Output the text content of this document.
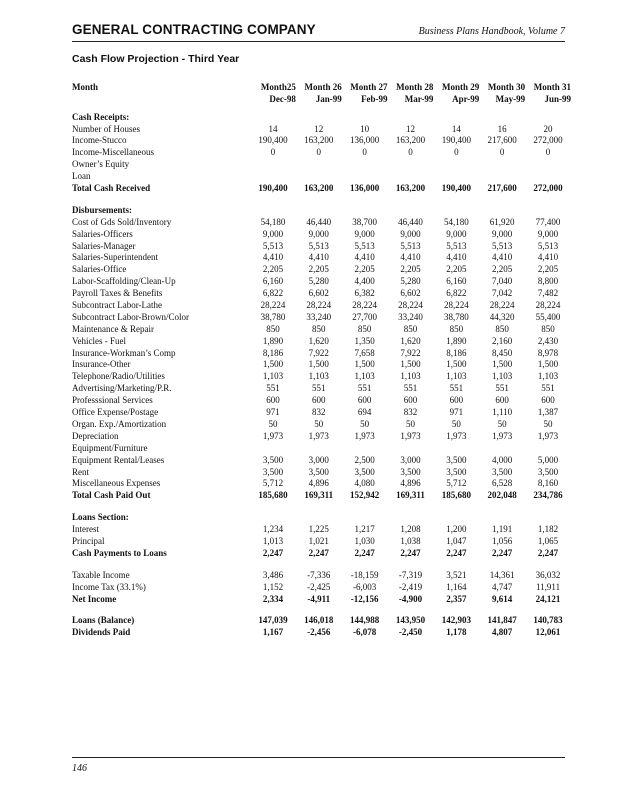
GENERAL CONTRACTING COMPANY	Business Plans Handbook, Volume 7
Cash Flow Projection - Third Year
Month	Month25	Month 26	Month 27	Month 28	Month 29	Month 30	Month 31
	Dec-98	Jan-99	Feb-99	Mar-99	Apr-99	May-99	Jun-99

Cash Receipts:							
Number of Houses	14	12	10	12	14	16	20
Income-Stucco	190,400	163,200	136,000	163,200	190,400	217,600	272,000
Income-Miscellaneous	0	0	0	0	0	0	0
Owner’s Equity							
Loan							
Total Cash Received	190,400	163,200	136,000	163,200	190,400	217,600	272,000

Disbursements:							
Cost of Gds Sold/Inventory	54,180	46,440	38,700	46,440	54,180	61,920	77,400
Salaries-Officers	9,000	9,000	9,000	9,000	9,000	9,000	9,000
Salaries-Manager	5,513	5,513	5,513	5,513	5,513	5,513	5,513
Salaries-Superintendent	4,410	4,410	4,410	4,410	4,410	4,410	4,410
Salaries-Office	2,205	2,205	2,205	2,205	2,205	2,205	2,205
Labor-Scaffolding/Clean-Up	6,160	5,280	4,400	5,280	6,160	7,040	8,800
Payroll Taxes & Benefits	6,822	6,602	6,382	6,602	6,822	7,042	7,482
Subcontract Labor-Lathe	28,224	28,224	28,224	28,224	28,224	28,224	28,224
Subcontract Labor-Brown/Color	38,780	33,240	27,700	33,240	38,780	44,320	55,400
Maintenance & Repair	850	850	850	850	850	850	850
Vehicles - Fuel	1,890	1,620	1,350	1,620	1,890	2,160	2,430
Insurance-Workman’s Comp	8,186	7,922	7,658	7,922	8,186	8,450	8,978
Insurance-Other	1,500	1,500	1,500	1,500	1,500	1,500	1,500
Telephone/Radio/Utilities	1,103	1,103	1,103	1,103	1,103	1,103	1,103
Advertising/Marketing/P.R.	551	551	551	551	551	551	551
Professsional Services	600	600	600	600	600	600	600
Office Expense/Postage	971	832	694	832	971	1,110	1,387
Organ. Exp./Amortization	50	50	50	50	50	50	50
Depreciation	1,973	1,973	1,973	1,973	1,973	1,973	1,973
Equipment/Furniture							
Equipment Rental/Leases	3,500	3,000	2,500	3,000	3,500	4,000	5,000
Rent	3,500	3,500	3,500	3,500	3,500	3,500	3,500
Miscellaneous Expenses	5,712	4,896	4,080	4,896	5,712	6,528	8,160
Total Cash Paid Out	185,680	169,311	152,942	169,311	185,680	202,048	234,786

Loans Section:							
Interest	1,234	1,225	1,217	1,208	1,200	1,191	1,182
Principal	1,013	1,021	1,030	1,038	1,047	1,056	1,065
Cash Payments to Loans	2,247	2,247	2,247	2,247	2,247	2,247	2,247

Taxable Income	3,486	-7,336	-18,159	-7,319	3,521	14,361	36,032
Income Tax (33.1%)	1,152	-2,425	-6,003	-2,419	1,164	4,747	11,911
Net Income	2,334	-4,911	-12,156	-4,900	2,357	9,614	24,121

Loans (Balance)	147,039	146,018	144,988	143,950	142,903	141,847	140,783
Dividends Paid	1,167	-2,456	-6,078	-2,450	1,178	4,807	12,061
146
